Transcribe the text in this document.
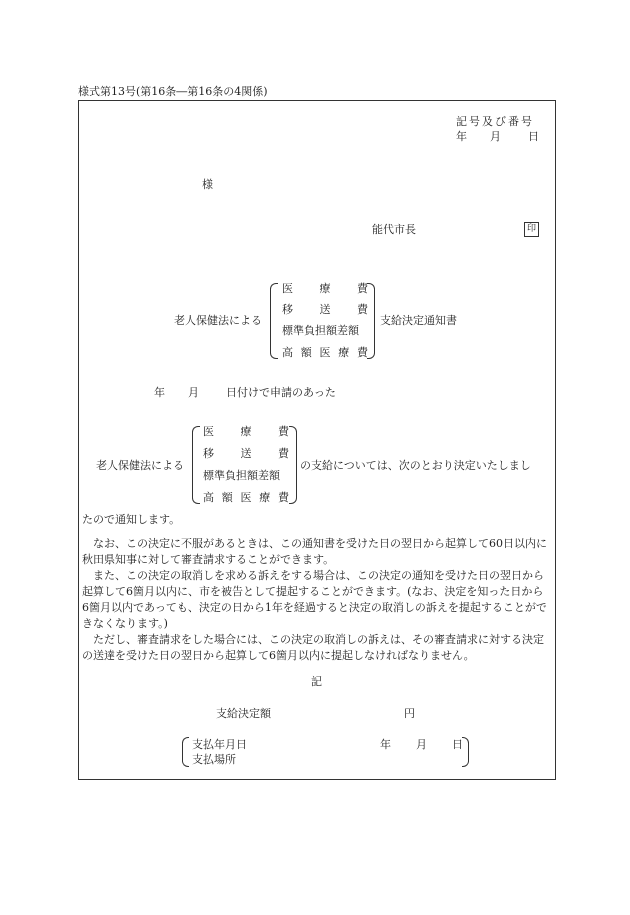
様式第13号(第16条―第16条の4関係)
記号及び番号
年 月 日
様
能代市長	印
老人保健法による
医 療 費
移 送 費
標準負担額差額
高 額 医 療 費
支給決定通知書
年 月 日付けで申請のあった
老人保健法による
医 療 費
移 送 費
標準負担額差額
高 額 医 療 費
の支給については、次のとおり決定いたしまし
たので通知します。
なお、この決定に不服があるときは、この通知書を受けた日の翌日から起算して60日以内に秋田県知事に対して審査請求することができます。
また、この決定の取消しを求める訴えをする場合は、この決定の通知を受けた日の翌日から起算して6箇月以内に、市を被告として提起することができます。(なお、決定を知った日から6箇月以内であっても、決定の日から1年を経過すると決定の取消しの訴えを提起することができなくなります。)
ただし、審査請求をした場合には、この決定の取消しの訴えは、その審査請求に対する決定の送達を受けた日の翌日から起算して6箇月以内に提起しなければなりません。
記
支給決定額	円
支払年月日
支払場所
年 月 日
